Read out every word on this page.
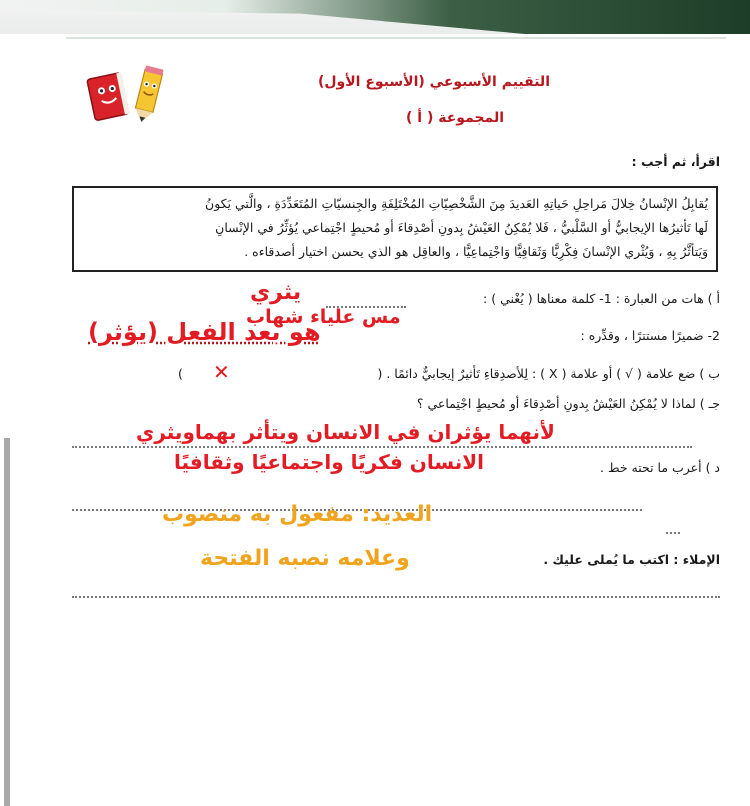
التقييم الأسبوعي (الأسبوع الأول)
المجموعة ( أ )
اقرأ، ثم أجب :
يُقابِلُ الإنْسانُ خِلالَ مَراحِلِ حَياتِهِ العَديدَ مِنَ الشَّخْصِيّاتِ المُخْتَلِفَةِ والجِنسيّاتِ المُتَعَدِّدَةِ ، والَّتي يَكونُ
لَها تَأثيرُها الإيجابيُّ أو السَّلْبيُّ ، فَلا يُمْكِنُ العَيْشُ بِدونِ أصْدِقاءَ أو مُحيطٍ اجْتِماعي يُؤثِّرُ في الإنْسانِ
وَيَتأثَّرُ بِهِ ، وَيُثْري الإنْسانَ فِكْرِيًّا وَثَقافِيًّا وَاجْتِماعِيًّا ، والعاقِل هو الذي يحسن اختيار أصدقاءه .
أ ) هات من العبارة : 1- كلمة معناها ( يُغْني ) :
يثري
مس علياء شهاب
2- ضميرًا مستترًا ، وقدِّره :
هو بعد الفعل (يؤثر)
ب ) ضع علامة ( √ ) أو علامة ( X ) : لِلأصدِقاءِ تَأثيرٌ إيجابيٌّ دائمًا . (
✕
)
جـ ) لماذا لا يُمْكِنُ العَيْشُ بِدونِ أصْدِقاءَ أو مُحيطٍ اجْتِماعي ؟
لأنهما يؤثران في الانسان ويتأثر بهماويثري
د ) أعرب ما تحته خط .
الانسان فكريًا واجتماعيًا وثقافيًا
العديد: مفعول به منصوب
وعلامه نصبه الفتحة	الإملاء : اكتب ما يُملى عليك .
